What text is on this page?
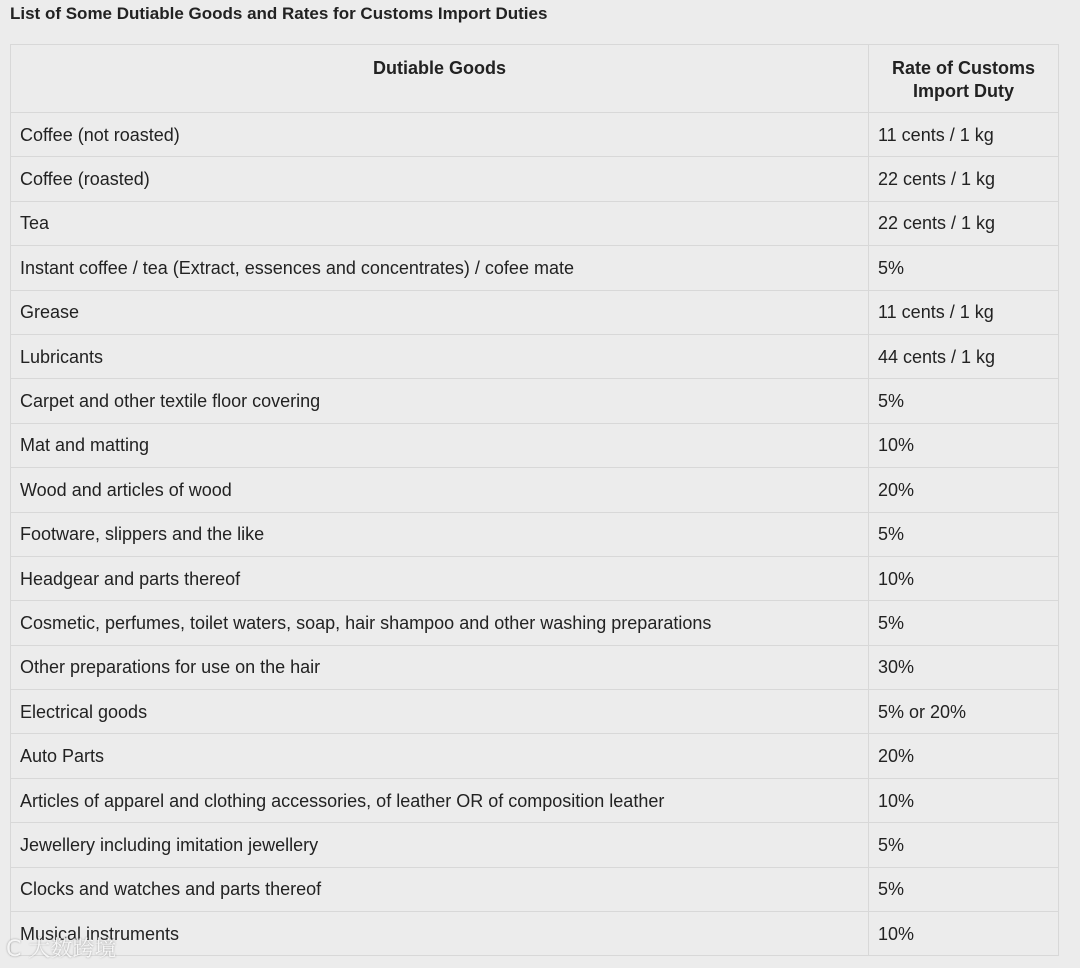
List of Some Dutiable Goods and Rates for Customs Import Duties
Dutiable Goods	Rate of Customs Import Duty
Coffee (not roasted)	11 cents / 1 kg
Coffee (roasted)	22 cents / 1 kg
Tea	22 cents / 1 kg
Instant coffee / tea (Extract, essences and concentrates) / cofee mate	5%
Grease	11 cents / 1 kg
Lubricants	44 cents / 1 kg
Carpet and other textile floor covering	5%
Mat and matting	10%
Wood and articles of wood	20%
Footware, slippers and the like	5%
Headgear and parts thereof	10%
Cosmetic, perfumes, toilet waters, soap, hair shampoo and other washing preparations	5%
Other preparations for use on the hair	30%
Electrical goods	5% or 20%
Auto Parts	20%
Articles of apparel and clothing accessories, of leather OR of composition leather	10%
Jewellery including imitation jewellery	5%
Clocks and watches and parts thereof	5%
Musical instruments	10%
C 大数跨境
